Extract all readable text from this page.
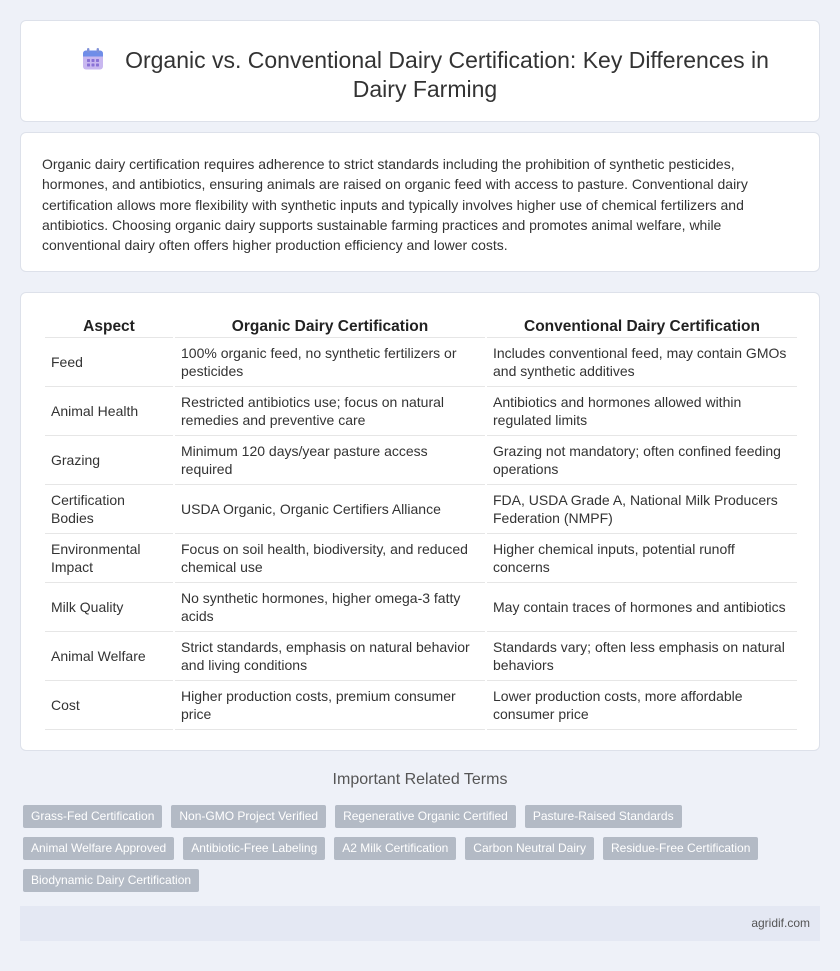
Organic vs. Conventional Dairy Certification: Key Differences in Dairy Farming

Organic dairy certification requires adherence to strict standards including the prohibition of synthetic pesticides, hormones, and antibiotics, ensuring animals are raised on organic feed with access to pasture. Conventional dairy certification allows more flexibility with synthetic inputs and typically involves higher use of chemical fertilizers and antibiotics. Choosing organic dairy supports sustainable farming practices and promotes animal welfare, while conventional dairy often offers higher production efficiency and lower costs.

Aspect	Organic Dairy Certification	Conventional Dairy Certification
Feed	100% organic feed, no synthetic fertilizers or pesticides	Includes conventional feed, may contain GMOs and synthetic additives
Animal Health	Restricted antibiotics use; focus on natural remedies and preventive care	Antibiotics and hormones allowed within regulated limits
Grazing	Minimum 120 days/year pasture access required	Grazing not mandatory; often confined feeding operations
Certification Bodies	USDA Organic, Organic Certifiers Alliance	FDA, USDA Grade A, National Milk Producers Federation (NMPF)
Environmental Impact	Focus on soil health, biodiversity, and reduced chemical use	Higher chemical inputs, potential runoff concerns
Milk Quality	No synthetic hormones, higher omega-3 fatty acids	May contain traces of hormones and antibiotics
Animal Welfare	Strict standards, emphasis on natural behavior and living conditions	Standards vary; often less emphasis on natural behaviors
Cost	Higher production costs, premium consumer price	Lower production costs, more affordable consumer price
Important Related Terms
Grass-Fed Certification	Non-GMO Project Verified	Regenerative Organic Certified	Pasture-Raised Standards
Animal Welfare Approved	Antibiotic-Free Labeling	A2 Milk Certification	Carbon Neutral Dairy	Residue-Free Certification
Biodynamic Dairy Certification
agridif.com
